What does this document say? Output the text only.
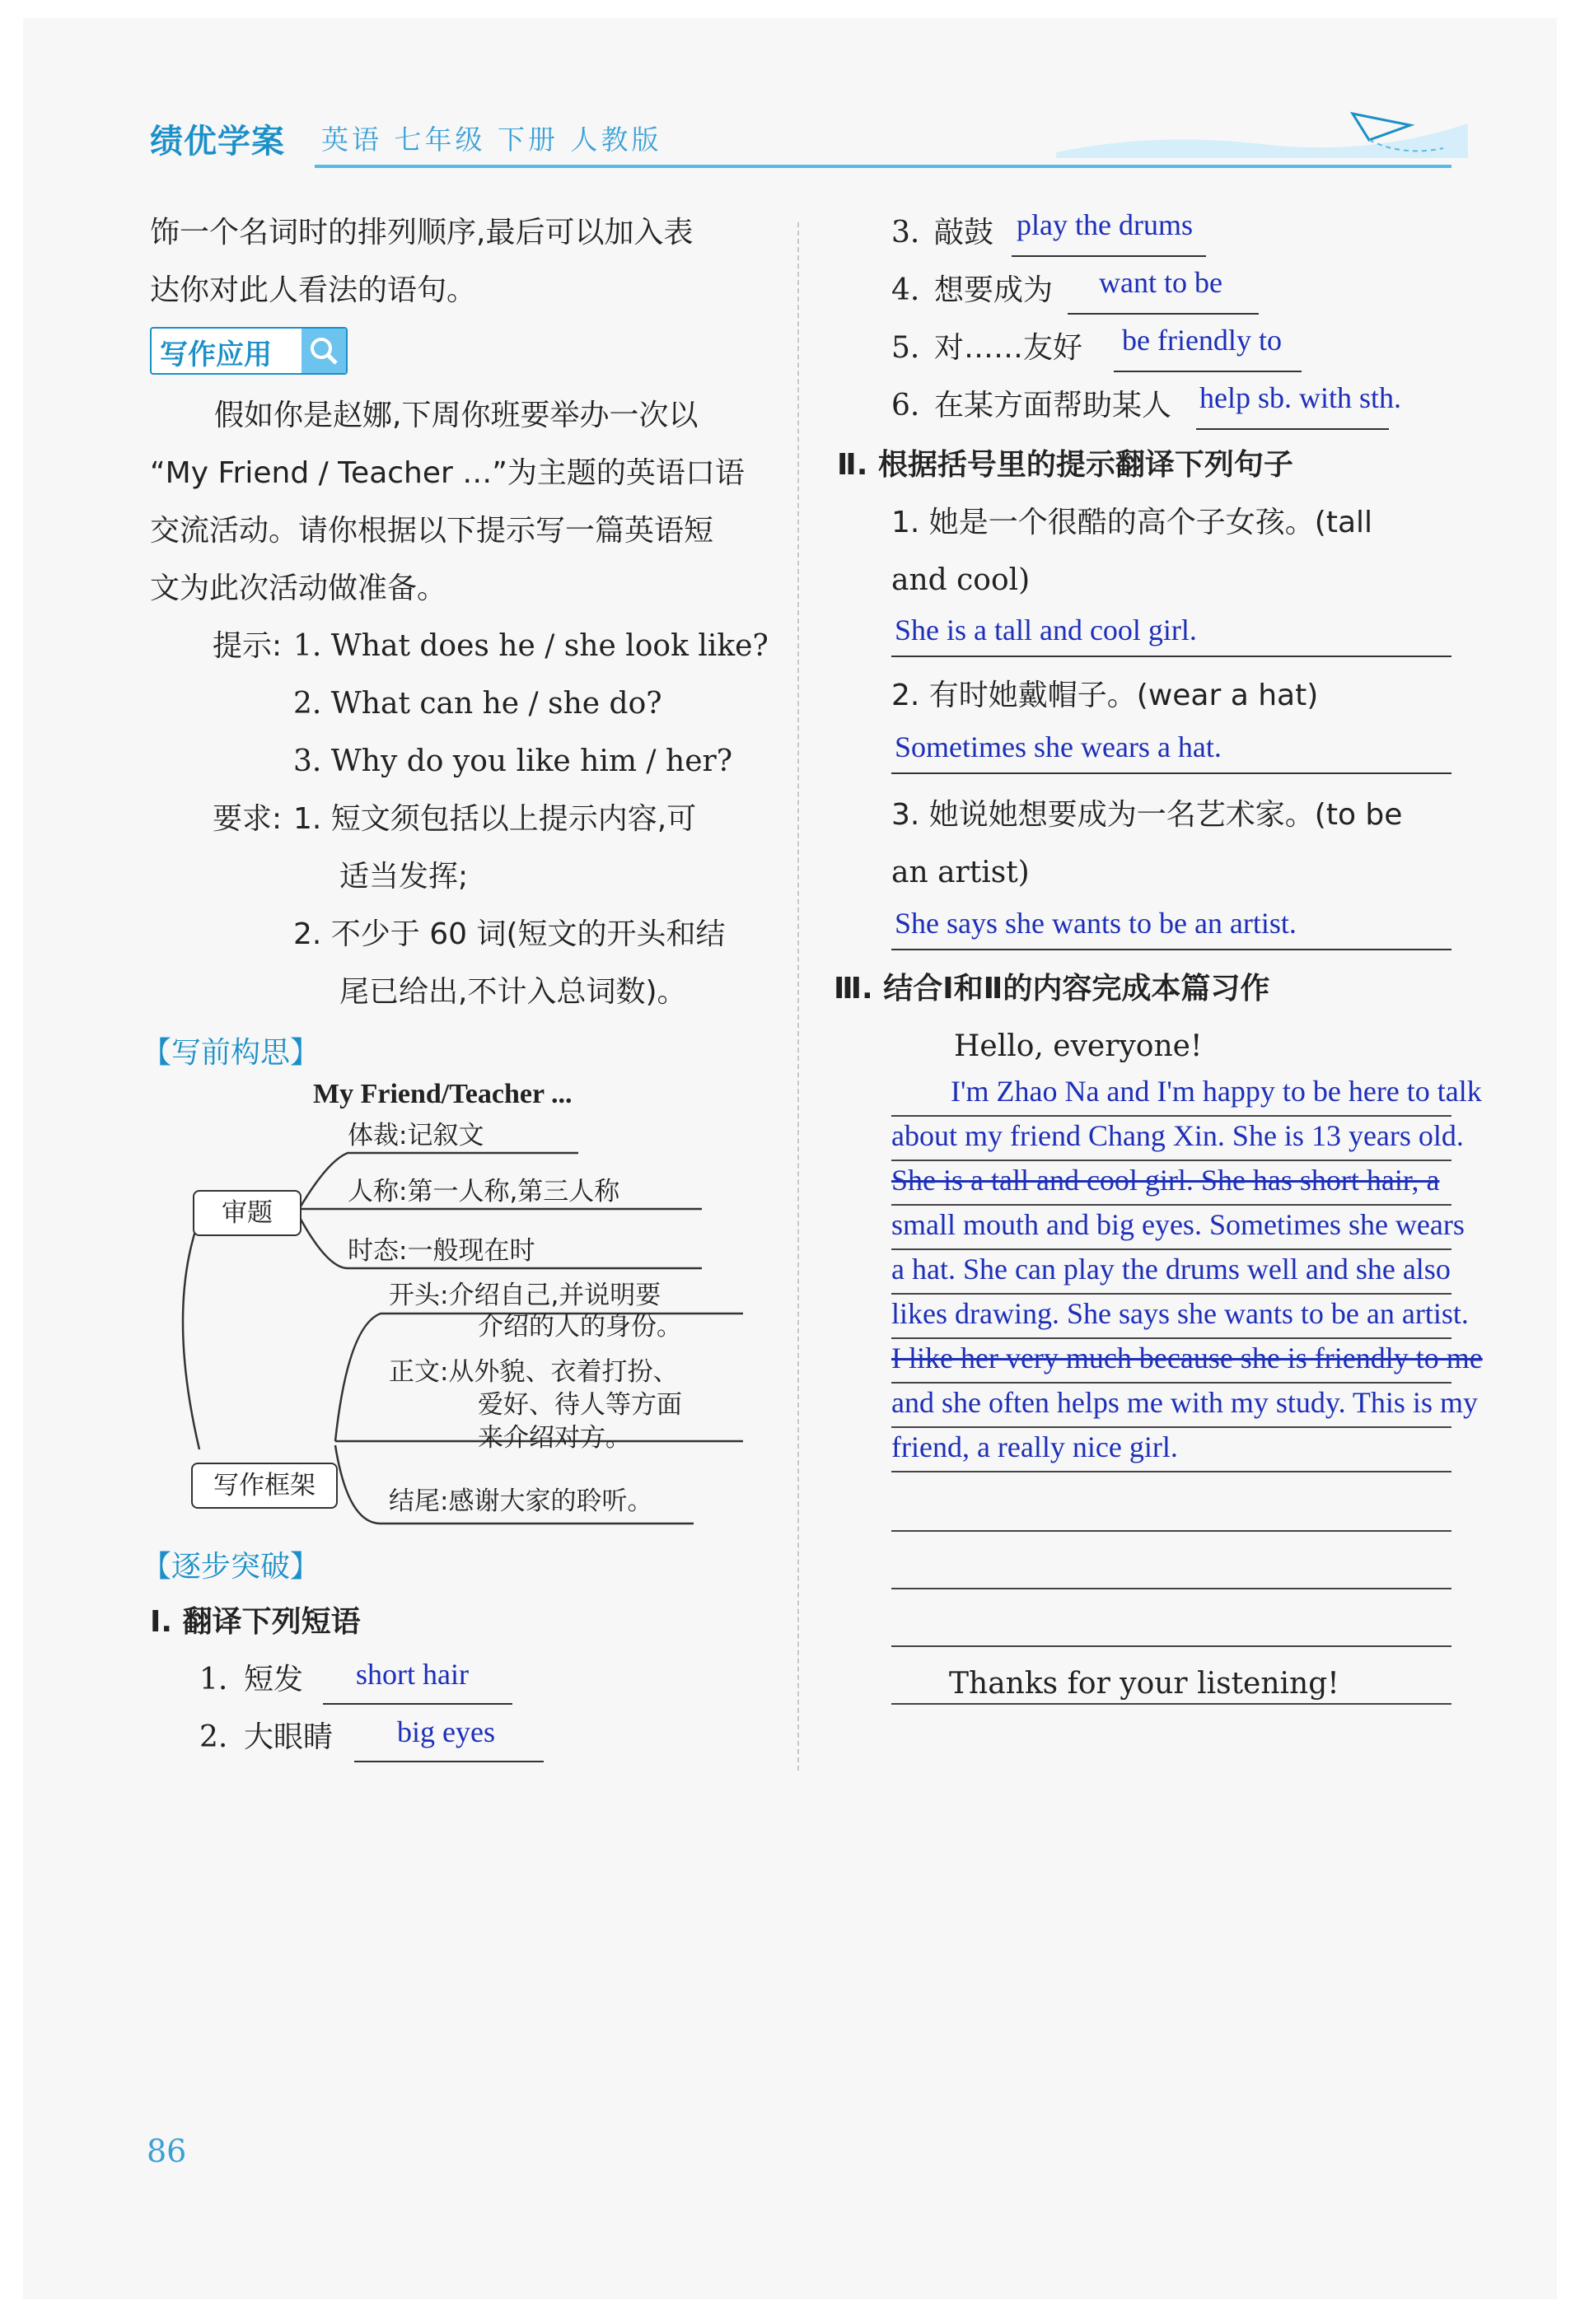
绩优学案 英语 七年级 下册 人教版
饰一个名词时的排列顺序,最后可以加入表
达你对此人看法的语句。
写作应用
假如你是赵娜,下周你班要举办一次以
“My Friend / Teacher …”为主题的英语口语
交流活动。请你根据以下提示写一篇英语短
文为此次活动做准备。
提示: 1. What does he / she look like?
2. What can he / she do?
3. Why do you like him / her?
要求: 1. 短文须包括以上提示内容,可
适当发挥;
2. 不少于 60 词(短文的开头和结
尾已给出,不计入总词数)。
【写前构思】
My Friend/Teacher ...
审题
体裁:记叙文
人称:第一人称,第三人称
时态:一般现在时
写作框架
开头:介绍自己,并说明要
介绍的人的身份。
正文:从外貌、衣着打扮、
爱好、待人等方面
来介绍对方。
结尾:感谢大家的聆听。
【逐步突破】
Ⅰ. 翻译下列短语
1. 短发 short hair
2. 大眼睛 big eyes
3. 敲鼓 play the drums
4. 想要成为 want to be
5. 对……友好 be friendly to
6. 在某方面帮助某人 help sb. with sth.
Ⅱ. 根据括号里的提示翻译下列句子
1. 她是一个很酷的高个子女孩。(tall
and cool)
She is a tall and cool girl.
2. 有时她戴帽子。(wear a hat)
Sometimes she wears a hat.
3. 她说她想要成为一名艺术家。(to be
an artist)
She says she wants to be an artist.
Ⅲ. 结合Ⅰ和Ⅱ的内容完成本篇习作
Hello, everyone!
I'm Zhao Na and I'm happy to be here to talk
about my friend Chang Xin. She is 13 years old.
She is a tall and cool girl. She has short hair, a
small mouth and big eyes. Sometimes she wears
a hat. She can play the drums well and she also
likes drawing. She says she wants to be an artist.
I like her very much because she is friendly to me
and she often helps me with my study. This is my
friend, a really nice girl.
Thanks for your listening!
86
